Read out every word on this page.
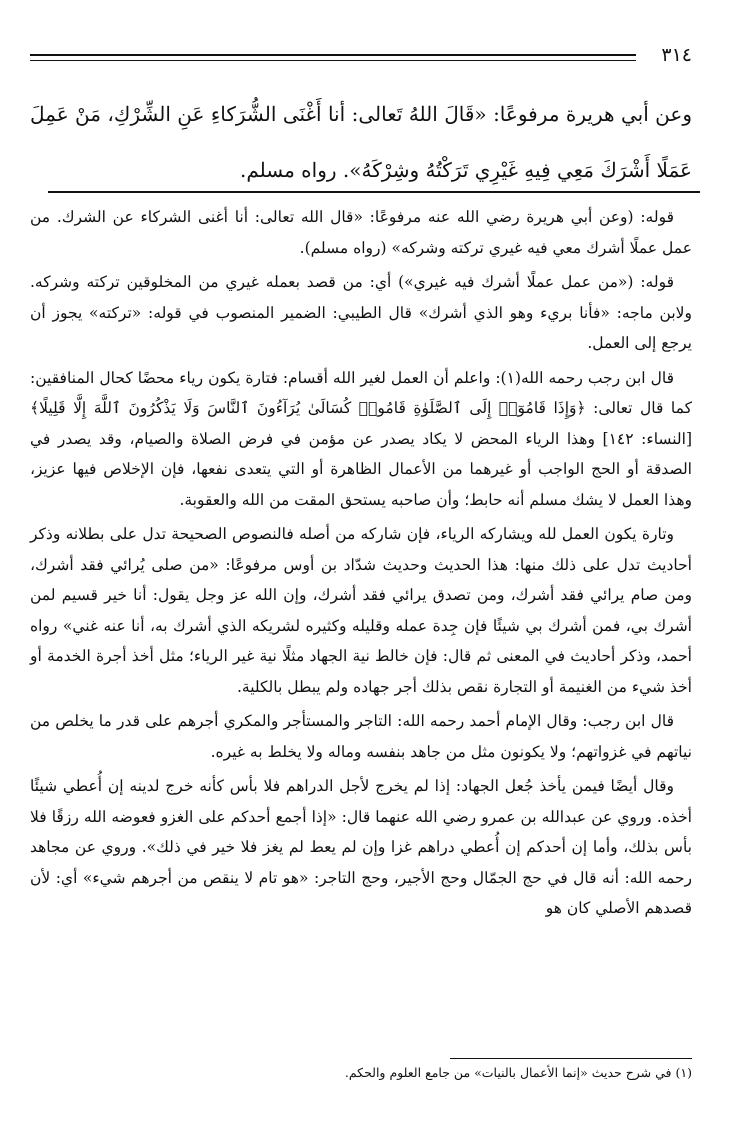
٣١٤

وعن أبي هريرة مرفوعًا: «قَالَ اللهُ تَعالى: أنا أَغْنَى الشُّرَكاءِ عَنِ الشِّرْكِ، مَنْ عَمِلَ عَمَلًا أَشْرَكَ مَعِي فِيهِ غَيْرِي تَرَكْتُهُ وشِرْكَهُ». رواه مسلم.

قوله: (وعن أبي هريرة رضي الله عنه مرفوعًا: «قال الله تعالى: أنا أغنى الشركاء عن الشرك. من عمل عملًا أشرك معي فيه غيري تركته وشركه» (رواه مسلم).

قوله: («من عمل عملًا أشرك فيه غيري») أي: من قصد بعمله غيري من المخلوقين تركته وشركه. ولابن ماجه: «فأنا بريء وهو الذي أشرك» قال الطيبي: الضمير المنصوب في قوله: «تركته» يجوز أن يرجع إلى العمل.

قال ابن رجب رحمه الله(١): واعلم أن العمل لغير الله أقسام: فتارة يكون رياء محضًا كحال المنافقين: كما قال تعالى: ﴿وَإِذَا قَامُوٓا۟ إِلَى ٱلصَّلَوٰةِ قَامُوا۟ كُسَالَىٰ يُرَآءُونَ ٱلنَّاسَ وَلَا يَذْكُرُونَ ٱللَّهَ إِلَّا قَلِيلًا﴾ [النساء: ١٤٢] وهذا الرياء المحض لا يكاد يصدر عن مؤمن في فرض الصلاة والصيام، وقد يصدر في الصدقة أو الحج الواجب أو غيرهما من الأعمال الظاهرة أو التي يتعدى نفعها، فإن الإخلاص فيها عزيز، وهذا العمل لا يشك مسلم أنه حابط؛ وأن صاحبه يستحق المقت من الله والعقوبة.

وتارة يكون العمل لله ويشاركه الرياء، فإن شاركه من أصله فالنصوص الصحيحة تدل على بطلانه وذكر أحاديث تدل على ذلك منها: هذا الحديث وحديث شدّاد بن أوس مرفوعًا: «من صلى يُرائي فقد أشرك، ومن صام يرائي فقد أشرك، ومن تصدق يرائي فقد أشرك، وإن الله عز وجل يقول: أنا خير قسيم لمن أشرك بي، فمن أشرك بي شيئًا فإن جِدة عمله وقليله وكثيره لشريكه الذي أشرك به، أنا عنه غني» رواه أحمد، وذكر أحاديث في المعنى ثم قال: فإن خالط نية الجهاد مثلًا نية غير الرياء؛ مثل أخذ أجرة الخدمة أو أخذ شيء من الغنيمة أو التجارة نقص بذلك أجر جهاده ولم يبطل بالكلية.

قال ابن رجب: وقال الإمام أحمد رحمه الله: التاجر والمستأجر والمكري أجرهم على قدر ما يخلص من نياتهم في غزواتهم؛ ولا يكونون مثل من جاهد بنفسه وماله ولا يخلط به غيره.

وقال أيضًا فيمن يأخذ جُعل الجهاد: إذا لم يخرج لأجل الدراهم فلا بأس كأنه خرج لدينه إن أُعطي شيئًا أخذه. وروي عن عبدالله بن عمرو رضي الله عنهما قال: «إذا أجمع أحدكم على الغزو فعوضه الله رزقًا فلا بأس بذلك، وأما إن أحدكم إن أُعطي دراهم غزا وإن لم يعط لم يغز فلا خير في ذلك». وروي عن مجاهد رحمه الله: أنه قال في حج الجمّال وحج الأجير، وحج التاجر: «هو تام لا ينقص من أجرهم شيء» أي: لأن قصدهم الأصلي كان هو

(١) في شرح حديث «إنما الأعمال بالنيات» من جامع العلوم والحكم.
